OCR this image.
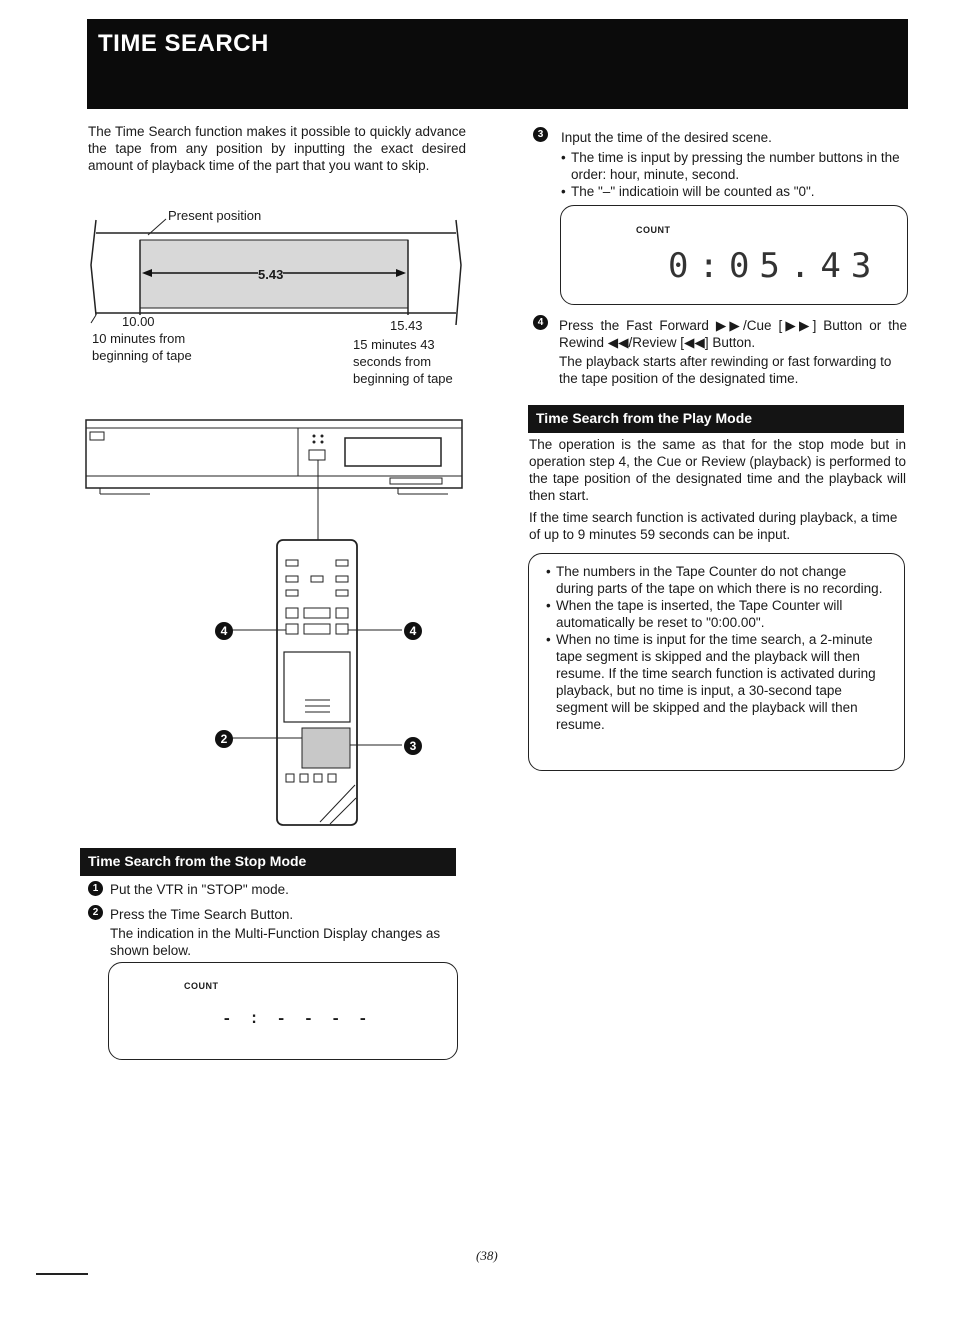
TIME SEARCH
The Time Search function makes it possible to quickly advance the tape from any position by inputting the exact desired amount of playback time of the part that you want to skip.
Present position
5.43
10.00
10 minutes from beginning of tape
15.43
15 minutes 43 seconds from beginning of tape
4	4
2	3
Time Search from the Stop Mode
1 Put the VTR in "STOP" mode.
2 Press the Time Search Button.
The indication in the Multi-Function Display changes as shown below.
COUNT
- : - - - -
3	Input the time of the desired scene.
• The time is input by pressing the number buttons in the order: hour, minute, second.
• The "–" indicatioin will be counted as "0".
COUNT
0:05.43
4	Press the Fast Forward ▶▶/Cue [▶▶] Button or the Rewind ◀◀/Review [◀◀] Button.
The playback starts after rewinding or fast forwarding to the tape position of the designated time.
Time Search from the Play Mode
The operation is the same as that for the stop mode but in operation step 4, the Cue or Review (playback) is performed to the tape position of the designated time and the playback will then start.
If the time search function is activated during playback, a time of up to 9 minutes 59 seconds can be input.
• The numbers in the Tape Counter do not change during parts of the tape on which there is no recording.
• When the tape is inserted, the Tape Counter will automatically be reset to "0:00.00".
• When no time is input for the time search, a 2-minute tape segment is skipped and the playback will then resume. If the time search function is activated during playback, but no time is input, a 30-second tape segment will be skipped and the playback will then resume.
(38)
